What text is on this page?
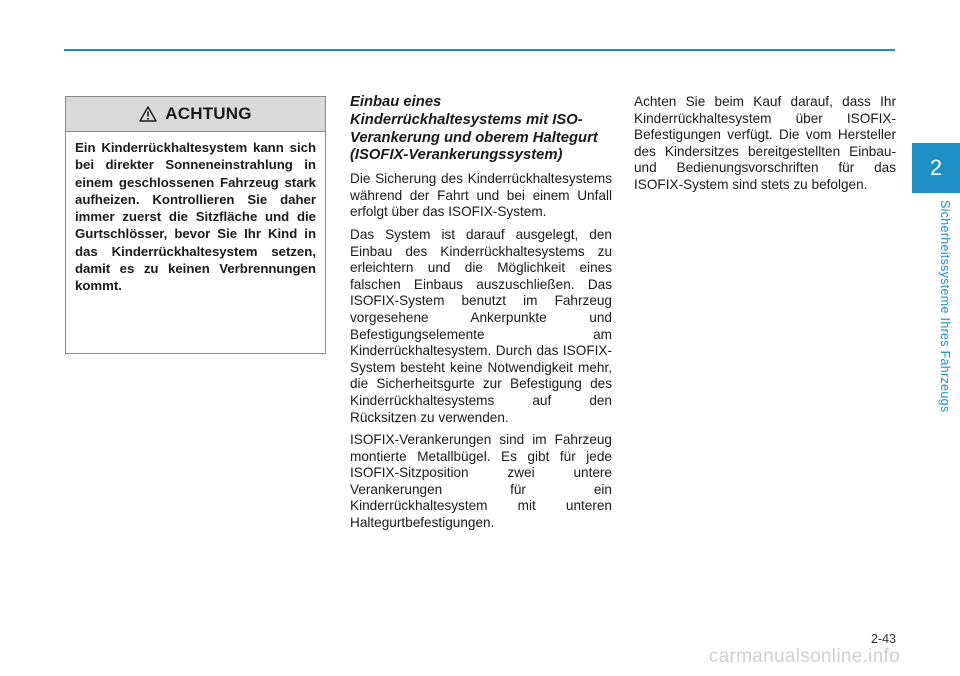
ACHTUNG

Ein Kinderrückhaltesystem kann sich bei direkter Sonneneinstrahlung in einem geschlossenen Fahrzeug stark aufheizen. Kontrollieren Sie daher immer zuerst die Sitzfläche und die Gurtschlösser, bevor Sie Ihr Kind in das Kinderrückhaltesystem setzen, damit es zu keinen Verbrennungen kommt.

Einbau eines Kinderrückhaltesystems mit ISO-Verankerung und oberem Haltegurt (ISOFIX-Verankerungssystem)

Die Sicherung des Kinderrückhaltesystems während der Fahrt und bei einem Unfall erfolgt über das ISOFIX-System.

Das System ist darauf ausgelegt, den Einbau des Kinderrückhaltesystems zu erleichtern und die Möglichkeit eines falschen Einbaus auszuschließen. Das ISOFIX-System benutzt im Fahrzeug vorgesehene Ankerpunkte und Befestigungselemente am Kinderrückhaltesystem. Durch das ISOFIX-System besteht keine Notwendigkeit mehr, die Sicherheitsgurte zur Befestigung des Kinderrückhaltesystems auf den Rücksitzen zu verwenden.

ISOFIX-Verankerungen sind im Fahrzeug montierte Metallbügel. Es gibt für jede ISOFIX-Sitzposition zwei untere Verankerungen für ein Kinderrückhaltesystem mit unteren Haltegurtbefestigungen.

Achten Sie beim Kauf darauf, dass Ihr Kinderrückhaltesystem über ISOFIX-Befestigungen verfügt. Die vom Hersteller des Kindersitzes bereitgestellten Einbau- und Bedienungsvorschriften für das ISOFIX-System sind stets zu befolgen.

2
Sicherheitssysteme Ihres Fahrzeugs
2-43
carmanualsonline.info
